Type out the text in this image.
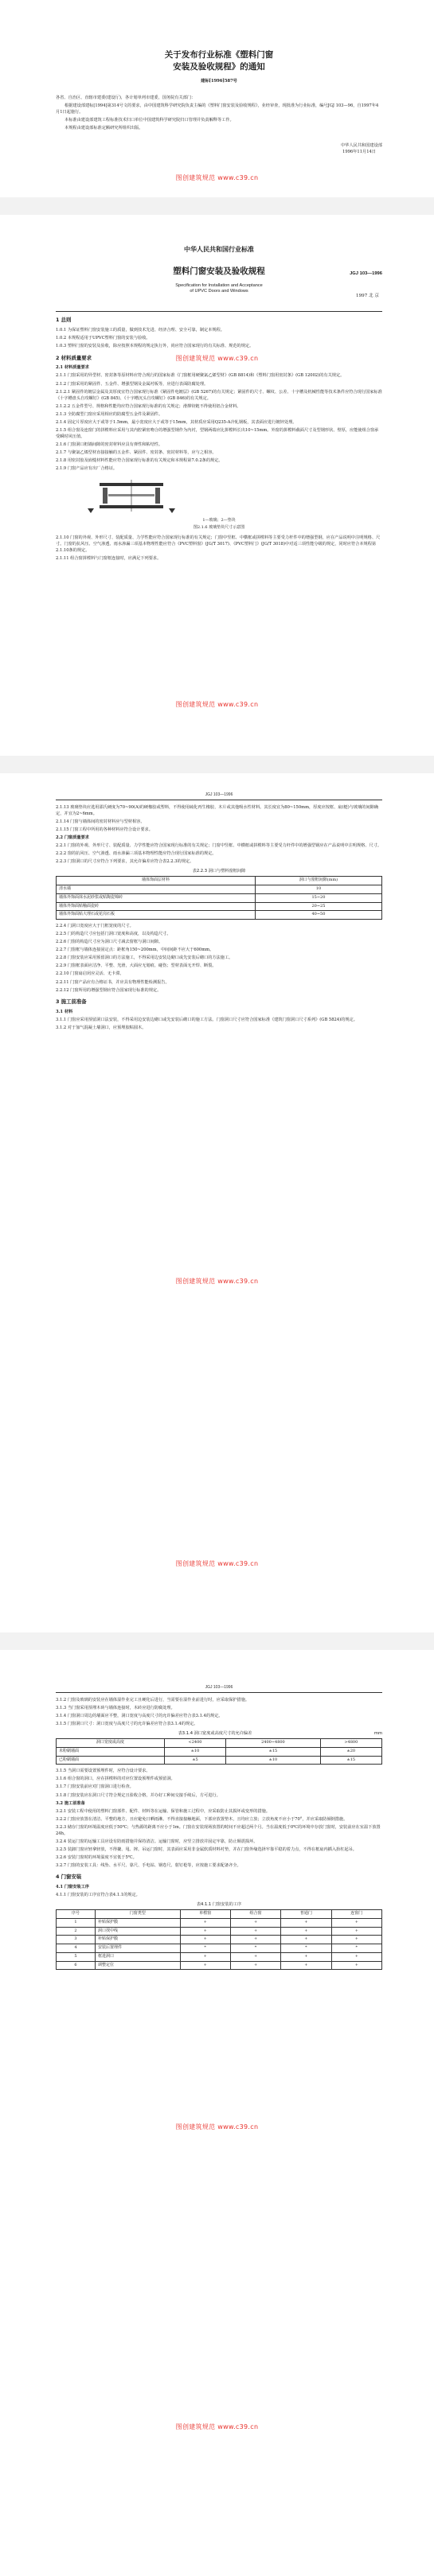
关于发布行业标准《塑料门窗
安装及验收规程》的通知
建标[1996]587号

各省、自治区、直辖市建委(建设厅)，各计划单列市建委，国务院有关部门：

根据建设部建标[1994]第314号文的要求，由中国建筑科学研究院负责主编的《塑料门窗安装及验收规程》，业经审查，现批准为行业标准，编号JGJ 103—96，自1997年4月1日起施行。

本标准由建设部建筑工程标准技术归口单位中国建筑科学研究院归口管理并负责解释等工作。

本规程由建设部标准定额研究所组织出版。

中华人民共和国建设部
1996年11月14日
图创建筑规范 www.c39.cn
中华人民共和国行业标准
塑料门窗安装及验收规程
Specification for Installation and Acceptance
of UPVC Doors and Windows
JGJ 103—1996
1997 北 京
1 总则

1.0.1 为保证塑料门窗安装施工的质量，做到技术先进、经济合理、安全可靠，制定本规程。

1.0.2 本规程适用于UPVC塑料门窗的安装与验收。

1.0.3 塑料门窗的安装及验收，除应按照本规程的规定执行外，尚应符合国家现行的有关标准、规范的规定。

2 材料质量要求

2.1 材料质量要求

2.1.1 门窗采用的异型材、密封条等原材料应符合现行的国家标准《门窗框用硬聚氯乙烯型材》(GB 8814)和《塑料门窗用密封条》(GB 12002)的有关规定。

2.1.2 门窗采用的紧固件、五金件、增强型钢及金属衬板等，应进行表面防腐处理。

2.1.2.1 紧固件的镀层金属及其厚度宜符合国家现行标准《紧固件电镀层》(GB 5267)的有关规定；紧固件的尺寸、螺纹、公差、十字槽及机械性能等技术条件应符合现行国家标准《十字槽盘头自攻螺钉》(GB 845)、《十字槽沉头自攻螺钉》(GB 846)的有关规定。

2.1.2.2 五金件型号、规格和性能均应符合国家现行标准的有关规定；滑撑铰链不得使用铝合金材料。

2.1.3 全防腐型门窗应采用相应的防腐型五金件及紧固件。

2.1.4 固定片厚度应大于或等于1.5mm，最小宽度应大于或等于15mm，其材质应采用Q235-A冷轧钢板，其表面应进行镀锌处理。

2.1.5 组合窗及连窗门的拼樘料应采用与其内腔紧密吻合的增强型钢作为内衬，型钢两端应比拼樘料长出10~15mm。外窗的拼樘料截面尺寸及型钢形状、壁厚，应能使组合窗承受瞬时风压值。

2.1.6 门窗洞口框墙间隙的密封材料应具有弹性和粘结性。

2.1.7 与聚氯乙烯型材直接接触的五金件、紧固件、密封条、密封材料等，应与之相容。

2.1.8 用密封胶及嵌缝材料性能应符合国家现行标准的有关规定和本规程第7.0.2条的规定。

2.1.9 门窗产品应有出厂合格证。

1—玻璃；2—垫块
图2.1.6 玻璃垫块尺寸示意图

2.1.10 门窗的外观、外形尺寸、装配质量、力学性能应符合国家现行标准的有关规定；门窗中竖框、中横框或拼樘料等主要受力杆件中的增强型钢，应在产品说明中注明规格、尺寸。门窗的抗风压、空气渗透、雨水渗漏三项基本物理性能应符合《PVC塑料窗》(JG/T 3017)、《PVC塑料门》(JG/T 3018)中对适三项性能分级的规定，同时应符合本规程第2.1.10条的规定。

2.1.11 组合窗拼樘料与门窗框连接时，应满足下列要求。

图创建筑规范 www.c39.cn
图创建筑规范 www.c39.cn
JGJ 103—1996

2.1.13 玻璃垫块应选用邵氏硬度为70~90(A)的硬橡胶或塑料，不得使用硫化再生橡胶、木片或其他吸水性材料。其长度宜为80~150mm，厚度应按框、扇(梃)与玻璃的间隙确定，并宜为2~6mm。

2.1.14 门窗与墙体间的密封材料应与型材相容。

2.1.15 门窗工程中所用的各种材料应符合设计要求。

2.2 门窗质量要求

2.2.1 门窗的外观、外形尺寸、装配质量、力学性能应符合国家现行标准的有关规定；门窗中竖框、中横框或拼樘料等主要受力杆件中的增强型钢应在产品说明中注明规格、尺寸。

2.2.2 窗的抗风压、空气渗透、雨水渗漏三项基本物理性能应符合现行国家标准的规定。

2.2.3 门窗洞口的尺寸应符合下列要求，其允许偏差应符合表2.2.3的规定。

表2.2.3 洞口与塑料窗框间隙
墙体饰面层材料	洞口与窗框间隙(mm)
清水墙	10
墙体外饰面抹水泥砂浆或贴陶瓷锦砖	15~20
墙体外饰面贴釉面瓷砖	20~25
墙体外饰面贴大理石或花岗石板	40~50

2.2.4 门洞口宽度应大于门框宽度的尺寸。

2.2.5 门的构造尺寸应包括门洞口宽度和高度，以及构造尺寸。

2.2.6 门窗的构造尺寸应为洞口尺寸减去窗框与洞口间隙。

2.2.7 门窗框与墙体连接固定点：距框角150~200mm，中间间距不应大于600mm。

2.2.8 门窗安装应采用预留洞口的方法施工，不得采用边安装边砌口或先安装后砌口的方法施工。

2.2.9 门窗框表面应洁净、平整、光滑，大面应无划痕、碰伤；型材表面无开焊、断裂。

2.2.10 门窗扇启闭应灵活、无卡滞。

2.2.11 门窗产品应有合格证书，并应具有物理性能检测报告。

2.2.12 门窗所用的增强型钢应符合国家现行标准的规定。

3 施工前准备

3.1 材料

3.1.1 门窗应采用预留洞口法安装，不得采用边安装边砌口或先安装后砌口的施工方法。门窗洞口尺寸应符合国家标准《建筑门窗洞口尺寸系列》(GB 5824)的规定。

3.1.2 对于加气混凝土墙洞口，应预埋胶粘圆木。

图创建筑规范 www.c39.cn
图创建筑规范 www.c39.cn
JGJ 103—1996

3.1.2 门窗及玻璃的安装应在墙体湿作业完工且硬化后进行，当需要在湿作业前进行时，应采取保护措施。

3.1.3 当门窗采用预埋木砖与墙体连接时，木砖应进行防腐处理。

3.1.4 门窗洞口周边的墙面应平整，洞口宽度与高度尺寸的允许偏差应符合表3.1.4的规定。

3.1.5 门窗洞口尺寸：洞口宽度与高度尺寸的允许偏差应符合表3.1.4的规定。

表3.1.4 洞口宽度或高度尺寸的允许偏差	mm
洞口宽度或高度	<2400	2400~4800	>4800
未粉刷墙面	±10	±15	±20
已粉刷墙面	±5	±10	±15

3.1.5 当洞口需要设置预埋件时，应符合设计要求。

3.1.6 组合窗的洞口，应在拼樘料的对应位置设预埋件或预留洞。

3.1.7 门窗安装前应对门窗洞口进行检查。

3.1.8 门窗安装应在洞口尺寸符合规定且验收合格，并办好工种间交接手续后，方可进行。

3.2 施工前准备

3.2.1 安装工程中使用的塑料门窗部件、配件、材料等在运输、保管和施工过程中，应采取防止其损坏或变形的措施。

3.2.2 门窗应放置在清洁、平整的地方，且应避免日晒雨淋。不得直接接触地面，下部应放置垫木，且均应立放；立放角度不应小于70°，并应采取防倾倒措施。

3.2.3 储存门窗的环境温度应低于50℃；与热源的距离不应小于1m。门窗在安装现场放置的时间不应超过两个月。当在温度低于0℃的环境中存放门窗时，安装前应在室温下放置24h。

3.2.4 装运门窗的运输工具应设有防雨措施并保持清洁。运输门窗时，应竖立排放并固定牢靠，防止颠震损坏。

3.2.5 装卸门窗应轻拿轻放，不得撬、甩、摔。吊运门窗时，其表面应采用非金属软质材料衬垫，并在门窗外缘选择牢靠平稳的着力点，不得在框扇内插入抬杠起吊。

3.2.6 安装门窗时的环境温度不宜低于5℃。

3.2.7 门窗的安装工具：线坠、水平尺、靠尺、手电钻、钢卷尺、射钉枪等，应按施工要求配备齐全。

4 门窗安装

4.1 门窗安装工序

4.1.1 门窗安装的工序宜符合表4.1.1的规定。

表4.1.1 门窗安装的工序
序号	门窗类型	单樘窗	组合窗	普通门	连窗门
1	补贴保护膜	+	+	+	+
2	洞口找中线	+	+	+	+
3	补贴保护膜	+	+	+	+
4	安装后置埋件	*	*	*	*
5	框进洞口	+	+	+	+
6	调整定位	+	+	+	+
图创建筑规范 www.c39.cn
图创建筑规范 www.c39.cn
